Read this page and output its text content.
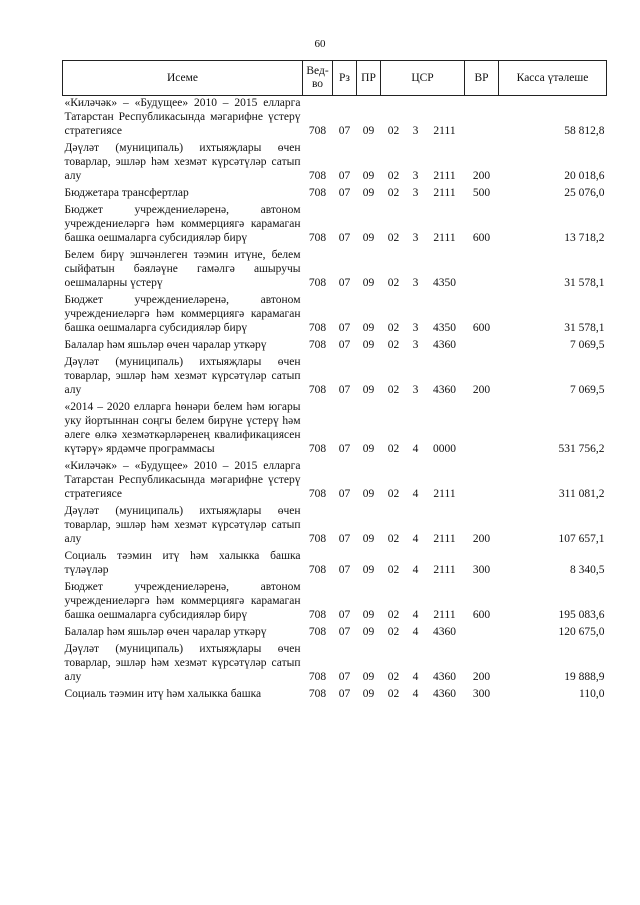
60
Исеме	Вед-во	Рз	ПР	ЦСР			ВР	Касса үтәлеше
«Киләчәк» – «Будущее» 2010 – 2015 елларга Татарстан Республикасында мәгарифне үстерү стратегиясе	708	07	09	02	3	2111		58 812,8
Дәүләт (муниципаль) ихтыяҗлары өчен товарлар, эшләр һәм хезмәт күрсәтүләр сатып алу	708	07	09	02	3	2111	200	20 018,6
Бюджетара трансфертлар	708	07	09	02	3	2111	500	25 076,0
Бюджет учреждениеләренә, автоном учреждениеләргә һәм коммерциягә карамаган башка оешмаларга субсидияләр бирү	708	07	09	02	3	2111	600	13 718,2
Белем бирү эшчәнлеген тәэмин итүне, белем сыйфатын бәяләүне гамәлгә ашыручы оешмаларны үстерү	708	07	09	02	3	4350		31 578,1
Бюджет учреждениеләренә, автоном учреждениеләргә һәм коммерциягә карамаган башка оешмаларга субсидияләр бирү	708	07	09	02	3	4350	600	31 578,1
Балалар һәм яшьләр өчен чаралар уткәрү	708	07	09	02	3	4360		7 069,5
Дәүләт (муниципаль) ихтыяҗлары өчен товарлар, эшләр һәм хезмәт күрсәтүләр сатып алу	708	07	09	02	3	4360	200	7 069,5
«2014 – 2020 елларга һөнәри белем һәм югары уку йортыннан соңгы белем бирүне үстерү һәм әлеге өлкә хезмәткәрләренең квалификациясен күтәрү» ярдәмче программасы	708	07	09	02	4	0000		531 756,2
«Киләчәк» – «Будущее» 2010 – 2015 елларга Татарстан Республикасында мәгарифне үстерү стратегиясе	708	07	09	02	4	2111		311 081,2
Дәүләт (муниципаль) ихтыяҗлары өчен товарлар, эшләр һәм хезмәт күрсәтүләр сатып алу	708	07	09	02	4	2111	200	107 657,1
Социаль тәэмин итү һәм халыкка башка түләүләр	708	07	09	02	4	2111	300	8 340,5
Бюджет учреждениеләренә, автоном учреждениеләргә һәм коммерциягә карамаган башка оешмаларга субсидияләр бирү	708	07	09	02	4	2111	600	195 083,6
Балалар һәм яшьләр өчен чаралар уткәрү	708	07	09	02	4	4360		120 675,0
Дәүләт (муниципаль) ихтыяҗлары өчен товарлар, эшләр һәм хезмәт күрсәтүләр сатып алу	708	07	09	02	4	4360	200	19 888,9
Социаль тәэмин итү һәм халыкка башка	708	07	09	02	4	4360	300	110,0
